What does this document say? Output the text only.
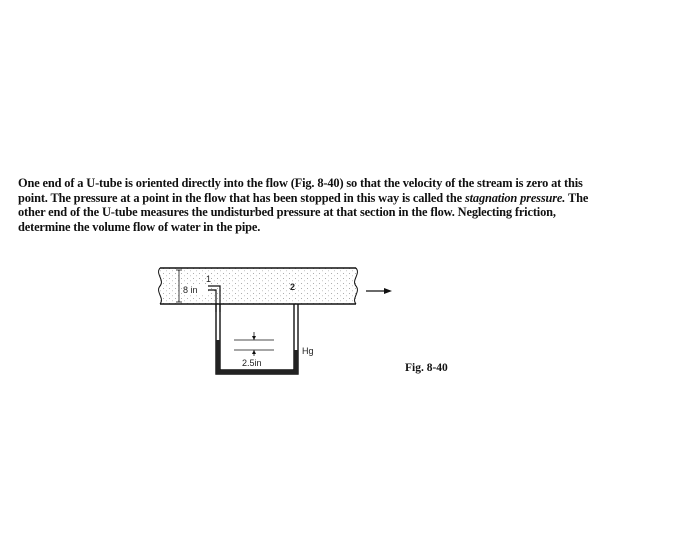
One end of a U-tube is oriented directly into the flow (Fig. 8-40) so that the velocity of the stream is zero at this

point. The pressure at a point in the flow that has been stopped in this way is called the stagnation pressure. The

other end of the U-tube measures the undisturbed pressure at that section in the flow. Neglecting friction,

determine the volume flow of water in the pipe.

8 in
1
2
2.5in
Hg
Fig. 8-40
